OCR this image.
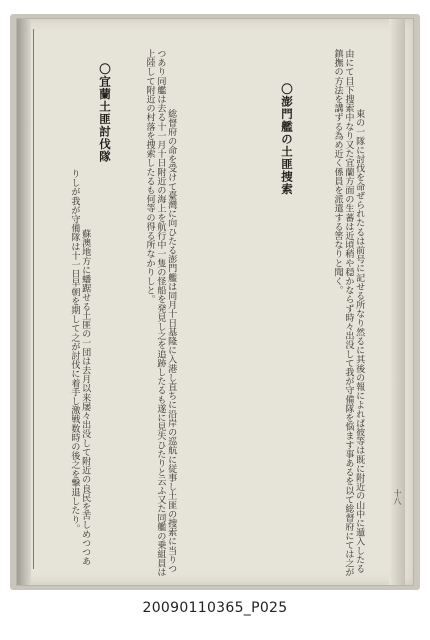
東の一隊に討伐を命ぜられたるは前号に記せる所なり然るに其後の報によれば彼等は既に附近の山中に遁入したる由にて目下搜索中なり又た宜蘭方面の生蕃は近頃稍や穏かならず時々出没して我が守備隊を悩ます事あるを以て総督府にては之が鎮撫の方法を講ずる為め近く係員を派遣する筈なりと聞く。

〇宜蘭土匪討伐隊	総督府の命を受けて臺灣に向ひたる澎門艦は同月十日基隆に入港し直ちに沿岸の巡航に従事し土匪の捜索に当りつつあり同艦は去る十一月十日附近の海上を航行中一隻の怪船を発見し之を追跡したるも遂に見失ひたりと云ふ又た同艦の乗組員は上陸して附近の村落を捜索したるも何等の得る所なかりしと。
	〇澎門艦の土匪捜索

蘇澳地方に蟠踞せる土匪の一団は去月以来屡々出没して附近の良民を苦しめつつありしが我が守備隊は十一日早朝を期して之が討伐に着手し激戦数時の後之を撃退したり。
	十八
20090110365_P025
